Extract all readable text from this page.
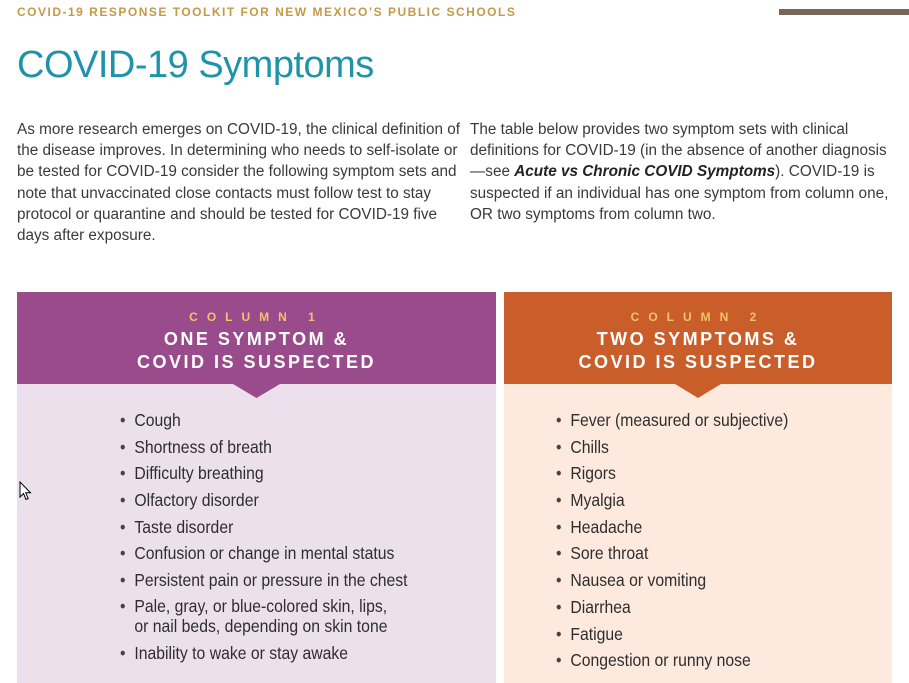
COVID-19 RESPONSE TOOLKIT FOR NEW MEXICO’S PUBLIC SCHOOLS
COVID-19 Symptoms

As more research emerges on COVID-19, the clinical definition of the disease improves. In determining who needs to self-isolate or be tested for COVID-19 consider the following symptom sets and note that unvaccinated close contacts must follow test to stay protocol or quarantine and should be tested for COVID-19 five days after exposure.

The table below provides two symptom sets with clinical definitions for COVID-19 (in the absence of another diagnosis—see Acute vs Chronic COVID Symptoms). COVID-19 is suspected if an individual has one symptom from column one, OR two symptoms from column two.

COLUMN 1
ONE SYMPTOM &
COVID IS SUSPECTED
• Cough
• Shortness of breath
• Difficulty breathing
• Olfactory disorder
• Taste disorder
• Confusion or change in mental status
• Persistent pain or pressure in the chest
• Pale, gray, or blue-colored skin, lips,
or nail beds, depending on skin tone
• Inability to wake or stay awake
COLUMN 2
TWO SYMPTOMS &
COVID IS SUSPECTED
• Fever (measured or subjective)
• Chills
• Rigors
• Myalgia
• Headache
• Sore throat
• Nausea or vomiting
• Diarrhea
• Fatigue
• Congestion or runny nose
